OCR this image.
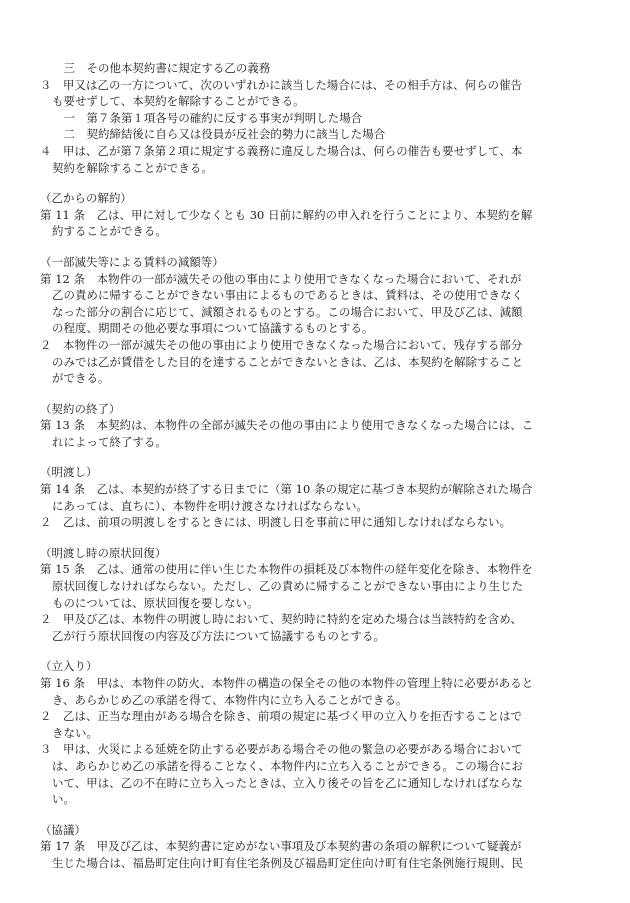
　三　その他本契約書に規定する乙の義務
３　甲又は乙の一方について、次のいずれかに該当した場合には、その相手方は、何らの催告
も要せずして、本契約を解除することができる。
　一　第７条第１項各号の確約に反する事実が判明した場合
　二　契約締結後に自ら又は役員が反社会的勢力に該当した場合
４　甲は、乙が第７条第２項に規定する義務に違反した場合は、何らの催告も要せずして、本
契約を解除することができる。
（乙からの解約）
第 11 条　乙は、甲に対して少なくとも 30 日前に解約の申入れを行うことにより、本契約を解
約することができる。
（一部滅失等による賃料の減額等）
第 12 条　本物件の一部が滅失その他の事由により使用できなくなった場合において、それが
乙の責めに帰することができない事由によるものであるときは、賃料は、その使用できなく
なった部分の割合に応じて、減額されるものとする。この場合において、甲及び乙は、減額
の程度、期間その他必要な事項について協議するものとする。
２　本物件の一部が滅失その他の事由により使用できなくなった場合において、残存する部分
のみでは乙が賃借をした目的を達することができないときは、乙は、本契約を解除すること
ができる。
（契約の終了）
第 13 条　本契約は、本物件の全部が滅失その他の事由により使用できなくなった場合には、こ
れによって終了する。
（明渡し）
第 14 条　乙は、本契約が終了する日までに（第 10 条の規定に基づき本契約が解除された場合
にあっては、直ちに）、本物件を明け渡さなければならない。
２　乙は、前項の明渡しをするときには、明渡し日を事前に甲に通知しなければならない。
（明渡し時の原状回復）
第 15 条　乙は、通常の使用に伴い生じた本物件の損耗及び本物件の経年変化を除き、本物件を
原状回復しなければならない。ただし、乙の責めに帰することができない事由により生じた
ものについては、原状回復を要しない。
２　甲及び乙は、本物件の明渡し時において、契約時に特約を定めた場合は当該特約を含め、
乙が行う原状回復の内容及び方法について協議するものとする。
（立入り）
第 16 条　甲は、本物件の防火、本物件の構造の保全その他の本物件の管理上特に必要があると
き、あらかじめ乙の承諾を得て、本物件内に立ち入ることができる。
２　乙は、正当な理由がある場合を除き、前項の規定に基づく甲の立入りを拒否することはで
きない。
３　甲は、火災による延焼を防止する必要がある場合その他の緊急の必要がある場合において
は、あらかじめ乙の承諾を得ることなく、本物件内に立ち入ることができる。この場合にお
いて、甲は、乙の不在時に立ち入ったときは、立入り後その旨を乙に通知しなければならな
い。
（協議）
第 17 条　甲及び乙は、本契約書に定めがない事項及び本契約書の条項の解釈について疑義が
生じた場合は、福島町定住向け町有住宅条例及び福島町定住向け町有住宅条例施行規則、民
